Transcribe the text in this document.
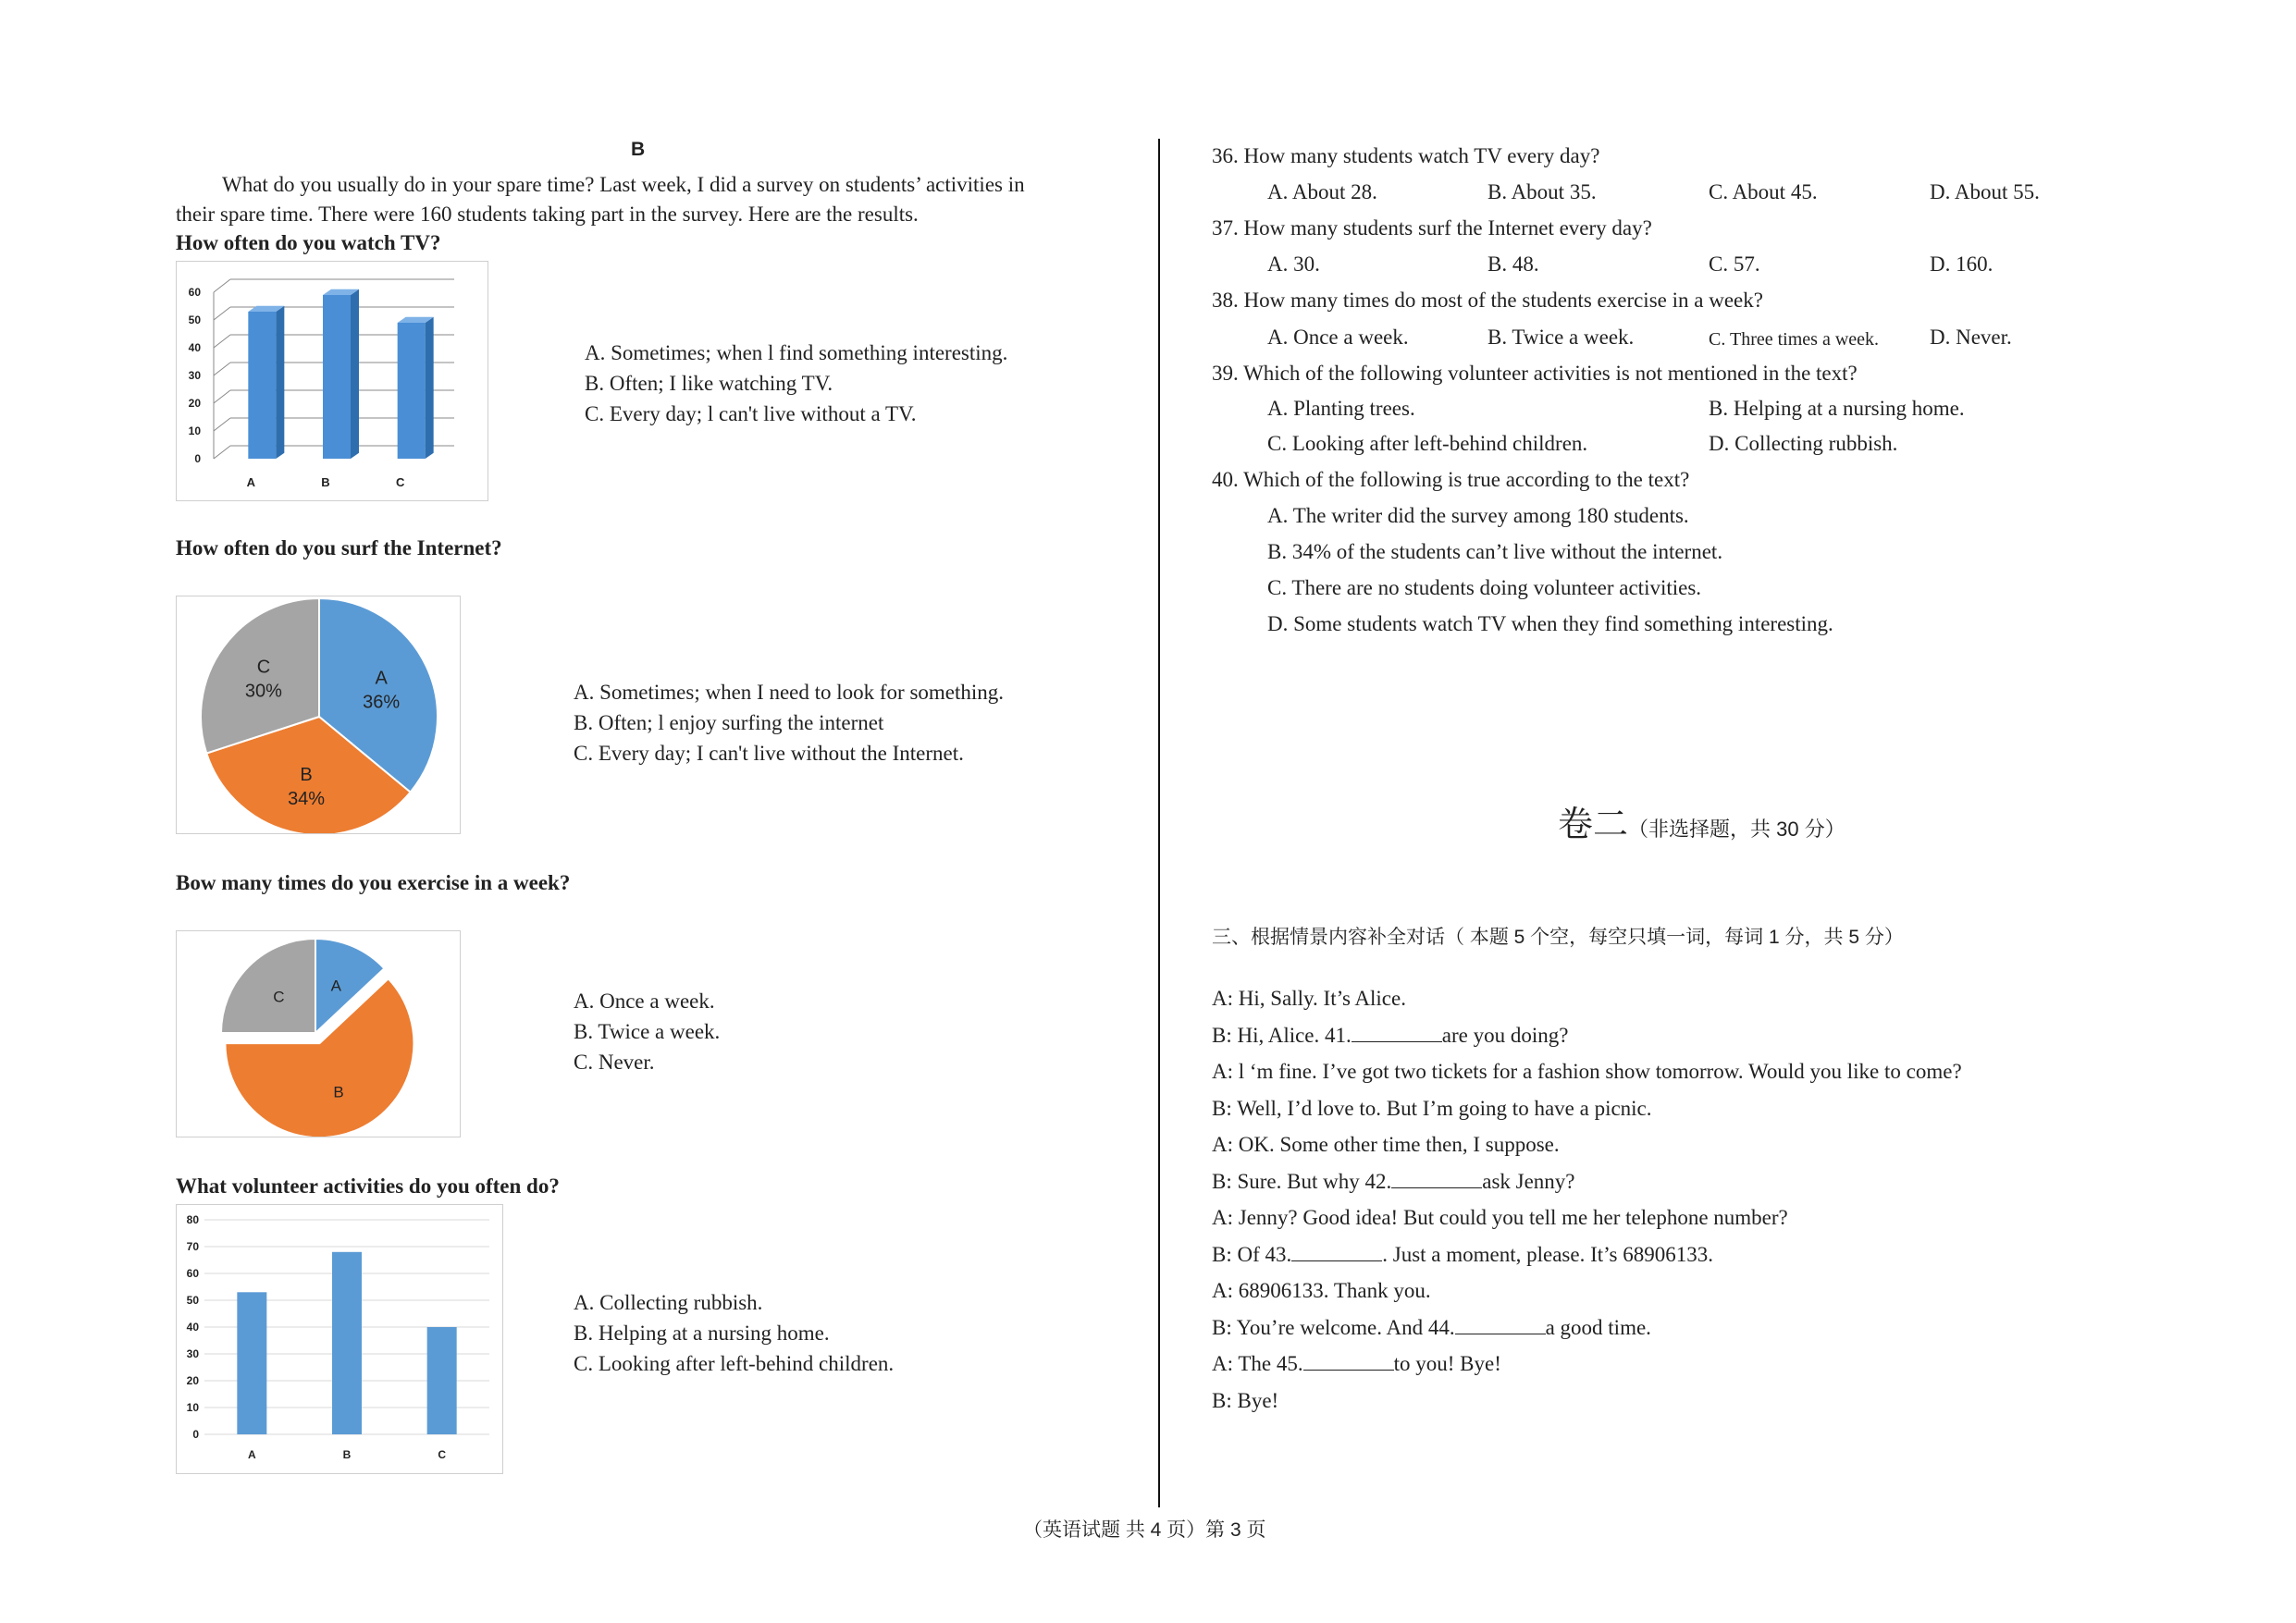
B
What do you usually do in your spare time? Last week, I did a survey on students’ activities in
their spare time. There were 160 students taking part in the survey. Here are the results.
How often do you watch TV?
0
10
20
30
40
50
60
A	B	C
A. Sometimes; when l find something interesting.
B. Often; I like watching TV.
C. Every day; l can't live without a TV.
How often do you surf the Internet?
A
36%
B
34%
C
30%	A. Sometimes; when I need to look for something.
B. Often; l enjoy surfing the internet
C. Every day; I can't live without the Internet.
Bow many times do you exercise in a week?
A
B
C	A. Once a week.
B. Twice a week.
C. Never.
What volunteer activities do you often do?
0
10
20
30
40
50
60
70
80
A	B	C
A. Collecting rubbish.
B. Helping at a nursing home.
C. Looking after left-behind children.
36. How many students watch TV every day?
A. About 28.	B. About 35.	C. About 45.	D. About 55.
37. How many students surf the Internet every day?
A. 30.	B. 48.	C. 57.	D. 160.
38. How many times do most of the students exercise in a week?
A. Once a week.	B. Twice a week.	C. Three times a week. D. Never.
39. Which of the following volunteer activities is not mentioned in the text?
A. Planting trees.	B. Helping at a nursing home.
C. Looking after left-behind children.	D. Collecting rubbish.
40. Which of the following is true according to the text?
A. The writer did the survey among 180 students.
B. 34% of the students can’t live without the internet.
C. There are no students doing volunteer activities.
D. Some students watch TV when they find something interesting.
卷二（非选择题，共 30 分）
三、根据情景内容补全对话（ 本题 5 个空，每空只填一词，每词 1 分，共 5 分）
A: Hi, Sally. It’s Alice.
B: Hi, Alice. 41.	are you doing?
A: l ‘m fine. I’ve got two tickets for a fashion show tomorrow. Would you like to come?
B: Well, I’d love to. But I’m going to have a picnic.
A: OK. Some other time then, I suppose.
B: Sure. But why 42.	ask Jenny?
A: Jenny? Good idea! But could you tell me her telephone number?
B: Of 43.	. Just a moment, please. It’s 68906133.
A: 68906133. Thank you.
B: You’re welcome. And 44.	a good time.
A: The 45.	to you! Bye!
B: Bye!
（英语试题 共 4 页）第 3 页
